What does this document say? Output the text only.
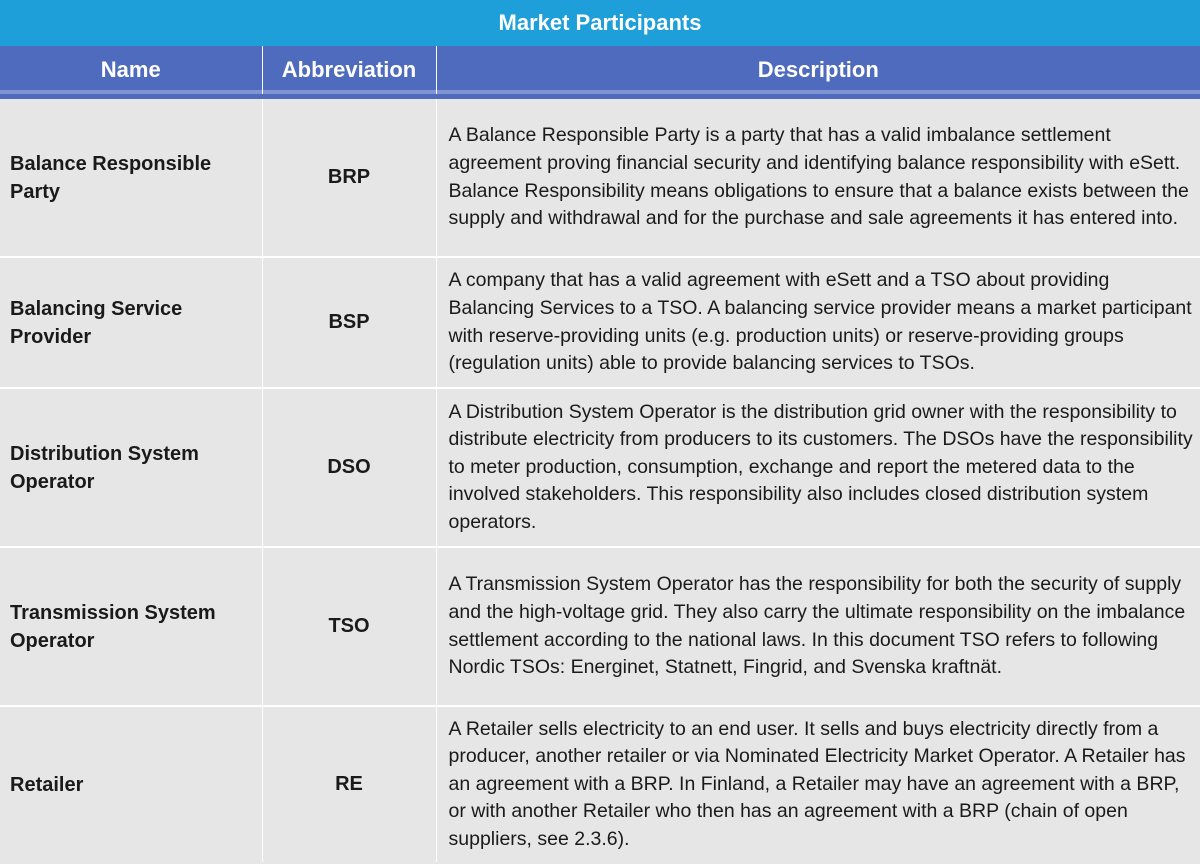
Market Participants
Name	Abbreviation	Description
Balance Responsible Party	BRP	A Balance Responsible Party is a party that has a valid imbalance settlement agreement proving financial security and identifying balance responsibility with eSett. Balance Responsibility means obligations to ensure that a balance exists between the supply and withdrawal and for the purchase and sale agreements it has entered into.
Balancing Service Provider	BSP	A company that has a valid agreement with eSett and a TSO about providing Balancing Services to a TSO. A balancing service provider means a market participant with reserve-providing units (e.g. production units) or reserve-providing groups (regulation units) able to provide balancing services to TSOs.
Distribution System Operator	DSO	A Distribution System Operator is the distribution grid owner with the responsibility to distribute electricity from producers to its customers. The DSOs have the responsibility to meter production, consumption, exchange and report the metered data to the involved stakeholders. This responsibility also includes closed distribution system operators.
Transmission System Operator	TSO	A Transmission System Operator has the responsibility for both the security of supply and the high-voltage grid. They also carry the ultimate responsibility on the imbalance settlement according to the national laws. In this document TSO refers to following Nordic TSOs: Energinet, Statnett, Fingrid, and Svenska kraftnät.
Retailer	RE	A Retailer sells electricity to an end user. It sells and buys electricity directly from a producer, another retailer or via Nominated Electricity Market Operator. A Retailer has an agreement with a BRP. In Finland, a Retailer may have an agreement with a BRP, or with another Retailer who then has an agreement with a BRP (chain of open suppliers, see 2.3.6).
